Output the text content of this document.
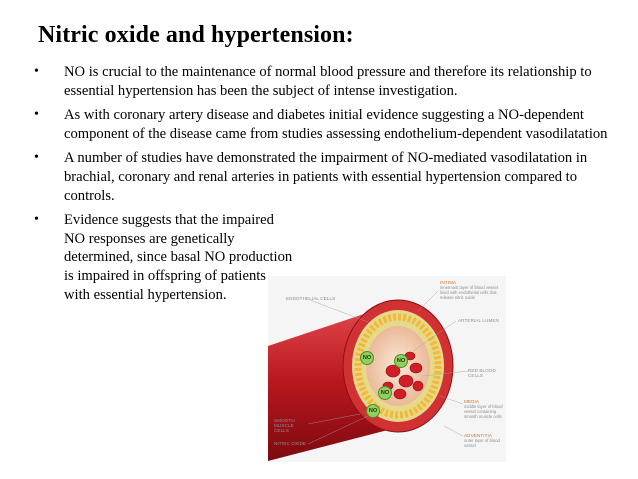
Nitric oxide and hypertension:
• NO is crucial to the maintenance of normal blood pressure and therefore its relationship to essential hypertension has been the subject of intense investigation.
• As with coronary artery disease and diabetes initial evidence suggesting a NO-dependent component of the disease came from studies assessing endothelium-dependent vasodilatation
• A number of studies have demonstrated the impairment of NO-mediated vasodilatation in brachial, coronary and renal arteries in patients with essential hypertension compared to controls.
• Evidence suggests that the impaired NO responses are genetically determined, since basal NO production is impaired in offspring of patients with essential hypertension.	ENDOTHELIAL CELLS
INTIMA
innermost layer of blood vessel lined with endothelial cells that release nitric oxide
ARTERIAL LUMEN
RED BLOOD CELLS
MEDIA
middle layer of blood vessel containing smooth muscle cells
SMOOTH MUSCLE CELLS
NITRIC OXIDE
ADVENTITIA
outer layer of blood vessel
NO	NO
NO
NO
